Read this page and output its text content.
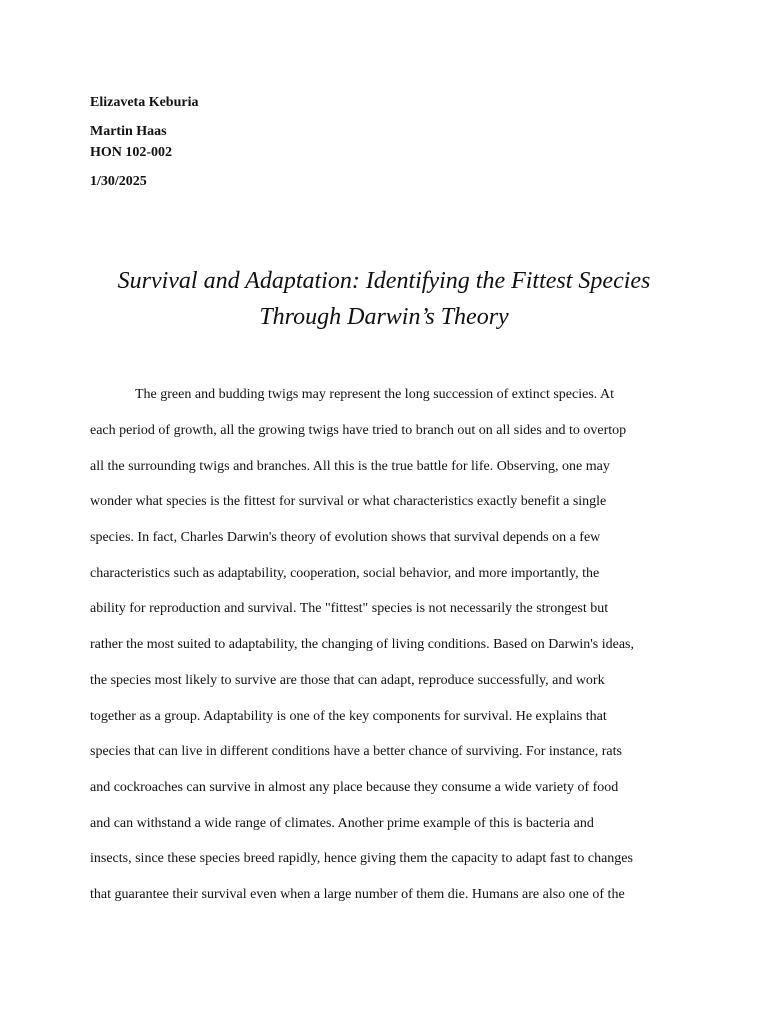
Elizaveta Keburia
Martin Haas
HON 102-002
1/30/2025
Survival and Adaptation: Identifying the Fittest Species
Through Darwin’s Theory
The green and budding twigs may represent the long succession of extinct species. At
each period of growth, all the growing twigs have tried to branch out on all sides and to overtop
all the surrounding twigs and branches. All this is the true battle for life. Observing, one may
wonder what species is the fittest for survival or what characteristics exactly benefit a single
species. In fact, Charles Darwin's theory of evolution shows that survival depends on a few
characteristics such as adaptability, cooperation, social behavior, and more importantly, the
ability for reproduction and survival. The "fittest" species is not necessarily the strongest but
rather the most suited to adaptability, the changing of living conditions. Based on Darwin's ideas,
the species most likely to survive are those that can adapt, reproduce successfully, and work
together as a group. Adaptability is one of the key components for survival. He explains that
species that can live in different conditions have a better chance of surviving. For instance, rats
and cockroaches can survive in almost any place because they consume a wide variety of food
and can withstand a wide range of climates. Another prime example of this is bacteria and
insects, since these species breed rapidly, hence giving them the capacity to adapt fast to changes
that guarantee their survival even when a large number of them die. Humans are also one of the
